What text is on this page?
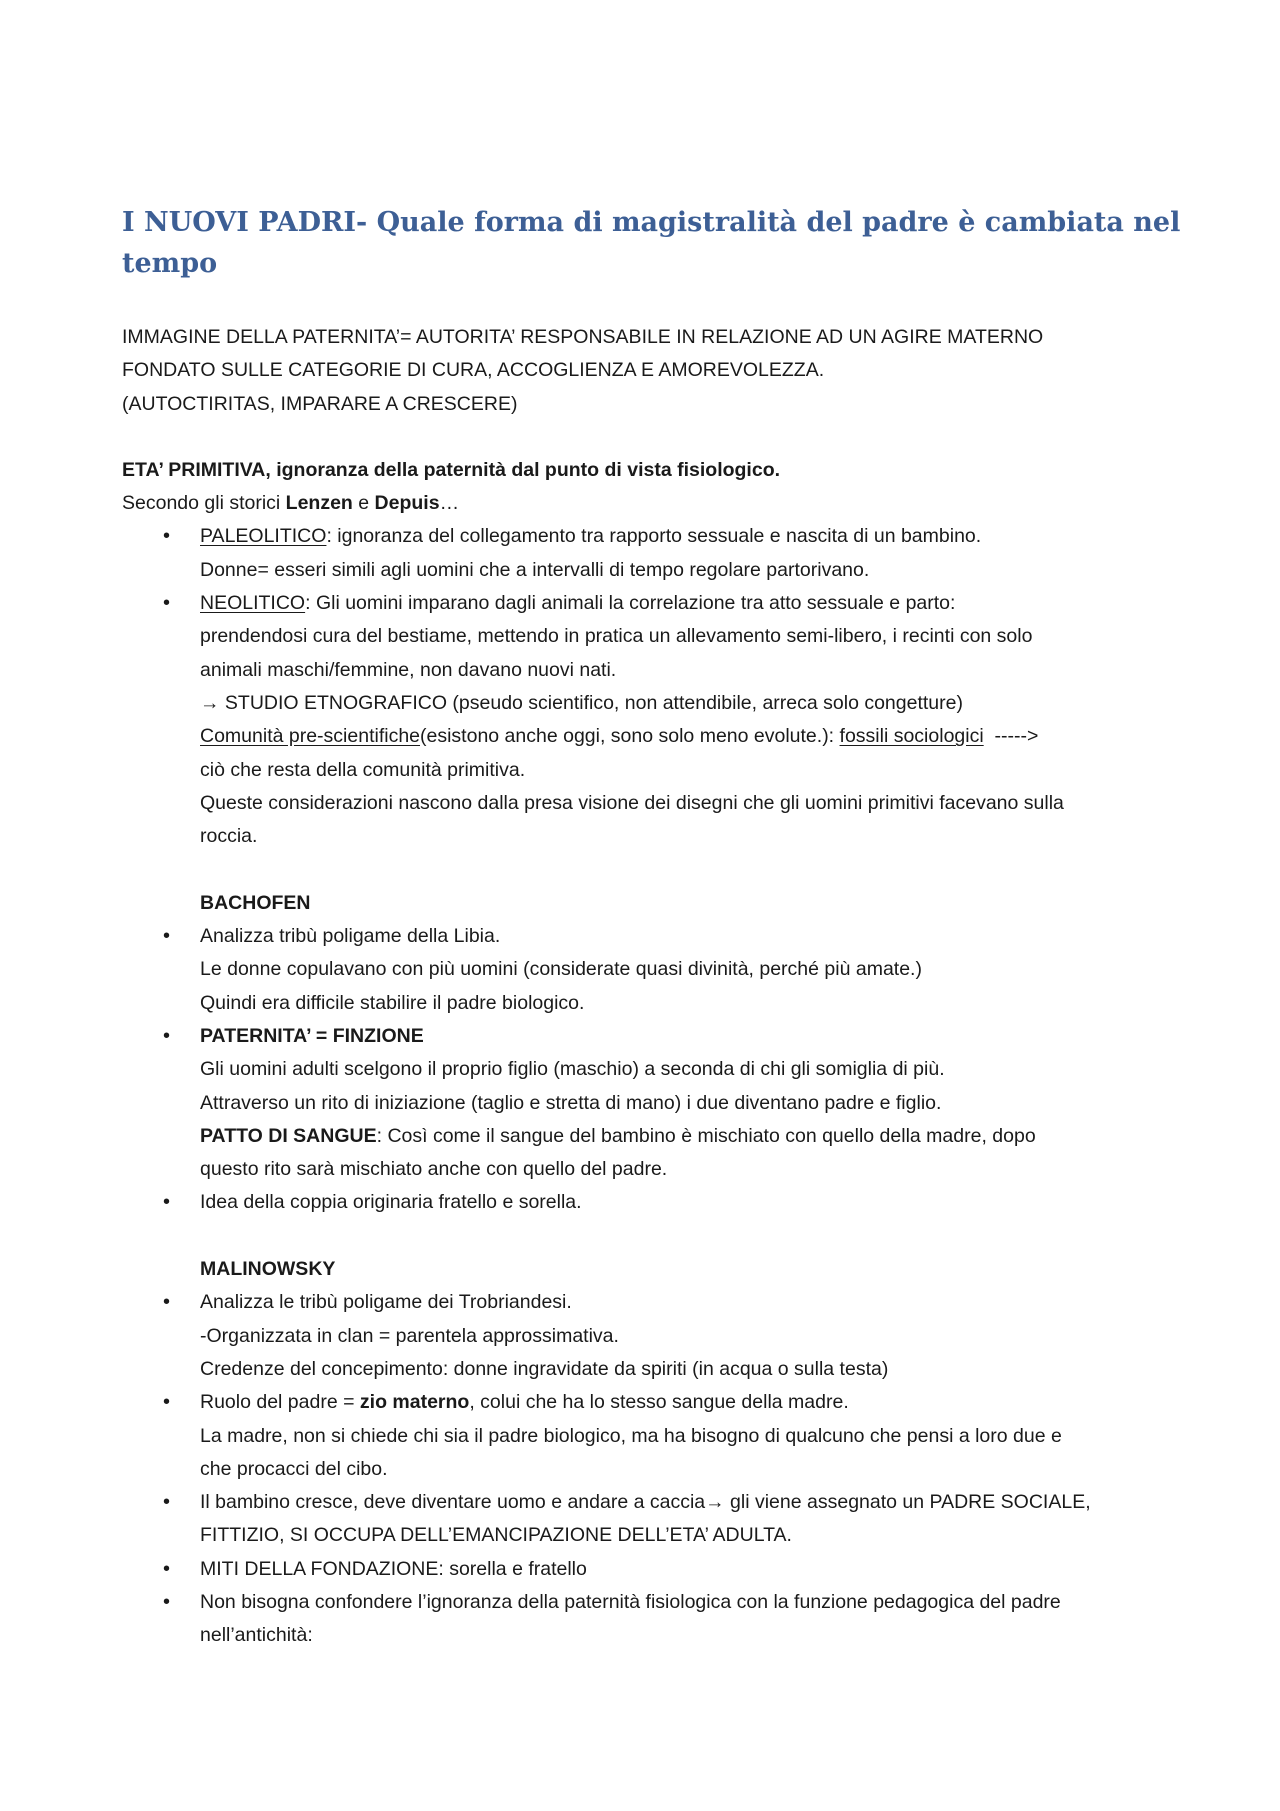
I NUOVI PADRI- Quale forma di magistralità del padre è cambiata nel tempo

IMMAGINE DELLA PATERNITA’= AUTORITA’ RESPONSABILE IN RELAZIONE AD UN AGIRE MATERNO

FONDATO SULLE CATEGORIE DI CURA, ACCOGLIENZA E AMOREVOLEZZA.

(AUTOCTIRITAS, IMPARARE A CRESCERE)

ETA’ PRIMITIVA, ignoranza della paternità dal punto di vista fisiologico.

Secondo gli storici Lenzen e Depuis…

• PALEOLITICO: ignoranza del collegamento tra rapporto sessuale e nascita di un bambino.
Donne= esseri simili agli uomini che a intervalli di tempo regolare partorivano.
• NEOLITICO: Gli uomini imparano dagli animali la correlazione tra atto sessuale e parto:
prendendosi cura del bestiame, mettendo in pratica un allevamento semi-libero, i recinti con solo
animali maschi/femmine, non davano nuovi nati.
→ STUDIO ETNOGRAFICO (pseudo scientifico, non attendibile, arreca solo congetture)
Comunità pre-scientifiche(esistono anche oggi, sono solo meno evolute.): fossili sociologici  ----->
ciò che resta della comunità primitiva.
Queste considerazioni nascono dalla presa visione dei disegni che gli uomini primitivi facevano sulla
roccia.

BACHOFEN

• Analizza tribù poligame della Libia.
Le donne copulavano con più uomini (considerate quasi divinità, perché più amate.)
Quindi era difficile stabilire il padre biologico.
• PATERNITA’ = FINZIONE
Gli uomini adulti scelgono il proprio figlio (maschio) a seconda di chi gli somiglia di più.
Attraverso un rito di iniziazione (taglio e stretta di mano) i due diventano padre e figlio.
PATTO DI SANGUE: Così come il sangue del bambino è mischiato con quello della madre, dopo
questo rito sarà mischiato anche con quello del padre.
• Idea della coppia originaria fratello e sorella.

MALINOWSKY

• Analizza le tribù poligame dei Trobriandesi.
-Organizzata in clan = parentela approssimativa.
Credenze del concepimento: donne ingravidate da spiriti (in acqua o sulla testa)
• Ruolo del padre = zio materno, colui che ha lo stesso sangue della madre.
La madre, non si chiede chi sia il padre biologico, ma ha bisogno di qualcuno che pensi a loro due e
che procacci del cibo.
• Il bambino cresce, deve diventare uomo e andare a caccia→ gli viene assegnato un PADRE SOCIALE,
FITTIZIO, SI OCCUPA DELL’EMANCIPAZIONE DELL’ETA’ ADULTA.
• MITI DELLA FONDAZIONE: sorella e fratello
• Non bisogna confondere l’ignoranza della paternità fisiologica con la funzione pedagogica del padre
nell’antichità:
